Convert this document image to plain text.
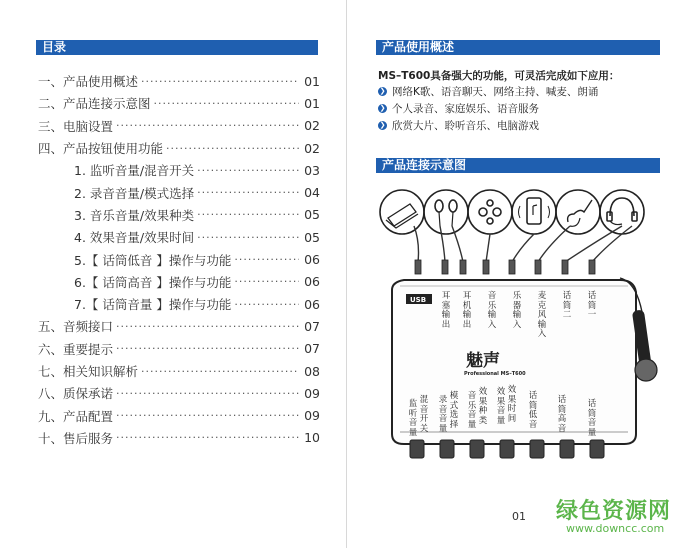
目录
一、产品使用概述 ·····	01
二、产品连接示意图 ·····	01
三、电脑设置 ·····	02
四、产品按钮使用功能 ·····	02
1. 监听音量/混音开关 ·····	03
2. 录音音量/模式选择 ·····	04
3. 音乐音量/效果种类 ·····	05
4. 效果音量/效果时间 ·····	05
5.【 话筒低音 】操作与功能 ·····	06
6.【 话筒高音 】操作与功能 ·····	06
7.【 话筒音量 】操作与功能 ·····	06
五、音频接口 ·····	07
六、重要提示 ·····	07
七、相关知识解析 ·····	08
八、质保承诺 ·····	09
九、产品配置 ·····	09
十、售后服务 ·····	10
产品使用概述
MS–T600具备强大的功能，可灵活完成如下应用：
❯ 网络K歌、语音聊天、网络主持、喊麦、朗诵
❯ 个人录音、家庭娱乐、语音服务
❯ 欣赏大片、聆听音乐、电脑游戏
产品连接示意图
魅声
Professional MS–T600
USB 耳塞输出
耳机输出
音乐输入
乐器输入
麦克风输入
话筒二
话筒一
监听音量
混音开关
录音音量
模式选择
音乐音量
效果种类
效果音量
效果时间
话筒低音
话筒高音
话筒音量
01 绿色资源网
www.downcc.com
